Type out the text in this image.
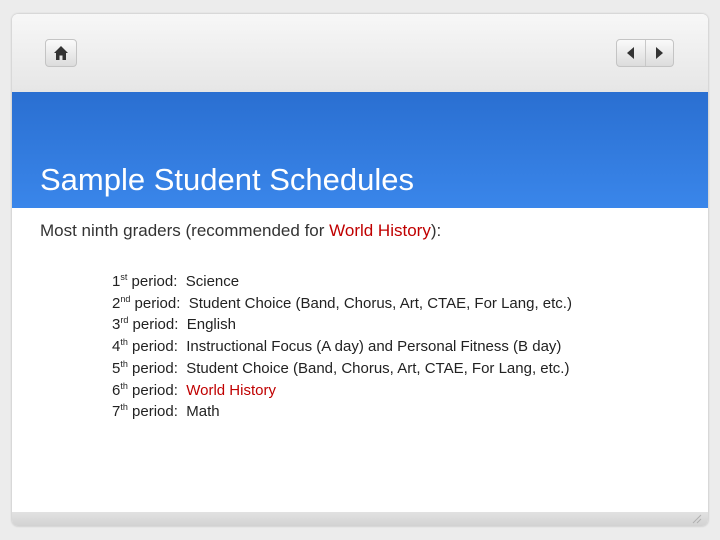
Sample Student Schedules
Most ninth graders (recommended for World History):
1st period:  Science
2nd period:  Student Choice (Band, Chorus, Art, CTAE, For Lang, etc.)
3rd period:  English
4th period:  Instructional Focus (A day) and Personal Fitness (B day)
5th period:  Student Choice (Band, Chorus, Art, CTAE, For Lang, etc.)
6th period:  World History
7th period:  Math
